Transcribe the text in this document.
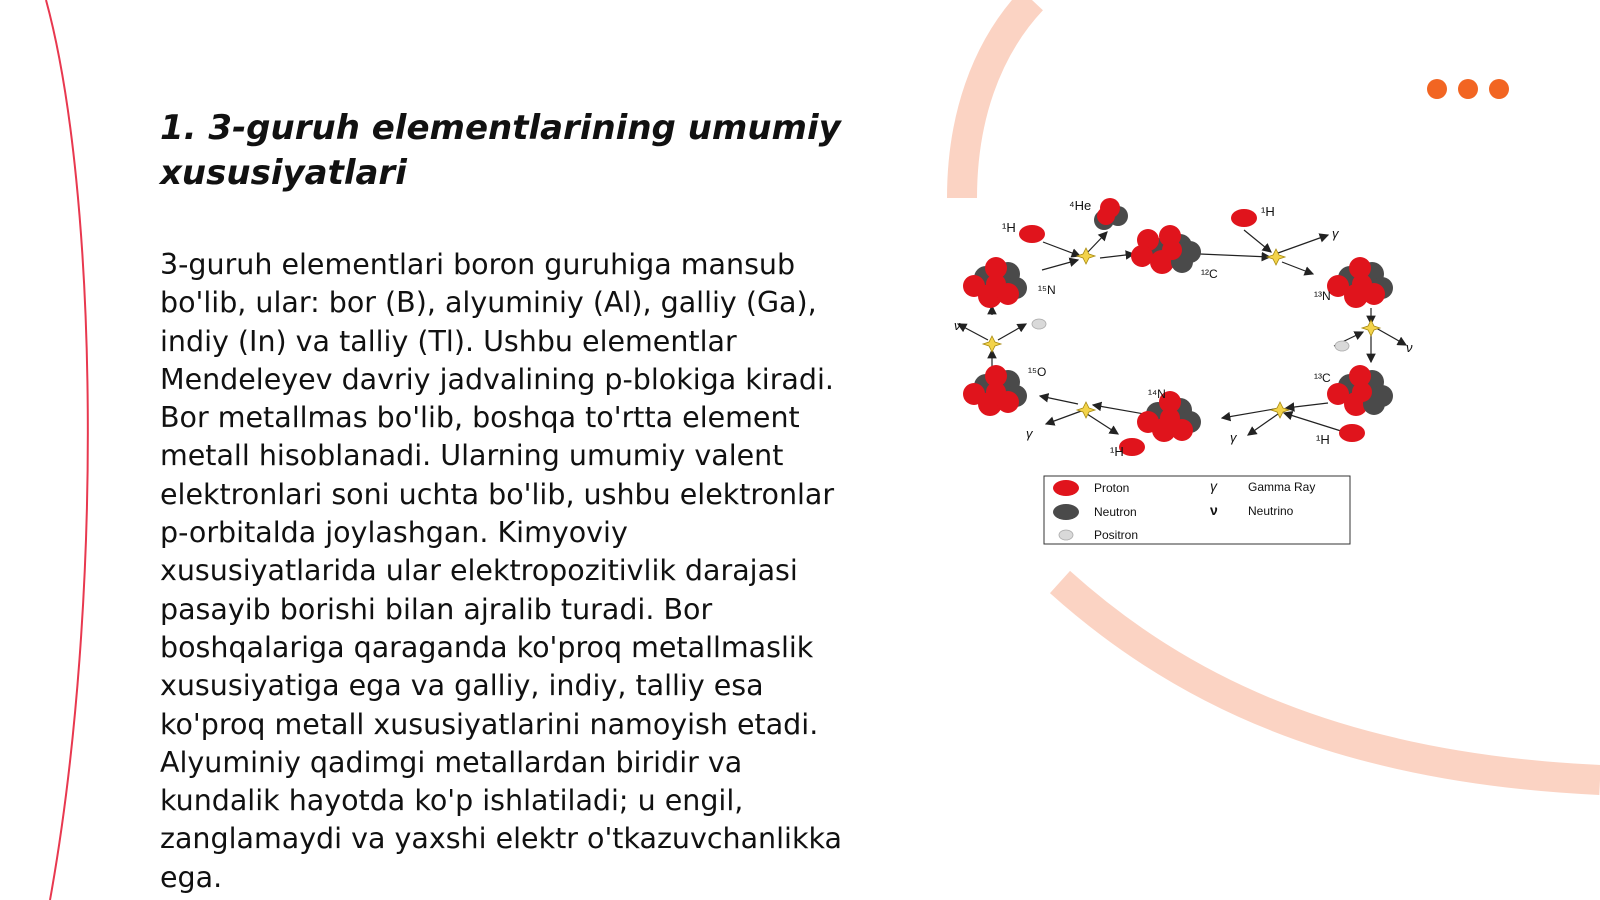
1. 3-guruh elementlarining umumiy xususiyatlari

3-guruh elementlari boron guruhiga mansub bo'lib, ular: bor (B), alyuminiy (Al), galliy (Ga), indiy (In) va talliy (Tl). Ushbu elementlar Mendeleyev davriy jadvalining p-blokiga kiradi. Bor metallmas bo'lib, boshqa to'rtta element metall hisoblanadi. Ularning umumiy valent elektronlari soni uchta bo'lib, ushbu elektronlar p-orbitalda joylashgan. Kimyoviy xususiyatlarida ular elektropozitivlik darajasi pasayib borishi bilan ajralib turadi. Bor boshqalariga qaraganda ko'proq metallmaslik xususiyatiga ega va galliy, indiy, talliy esa ko'proq metall xususiyatlarini namoyish etadi. Alyuminiy qadimgi metallardan biridir va kundalik hayotda ko'p ishlatiladi; u engil, zanglamaydi va yaxshi elektr o'tkazuvchanlikka ega.

⁴He
¹H
¹H
¹²C
¹³N
¹³C
¹⁴N
¹⁵O
¹⁵N
¹H
¹H
γ
ν
γ
γ
ν
Proton
Neutron
Positron
γ	Gamma Ray
ν	Neutrino
